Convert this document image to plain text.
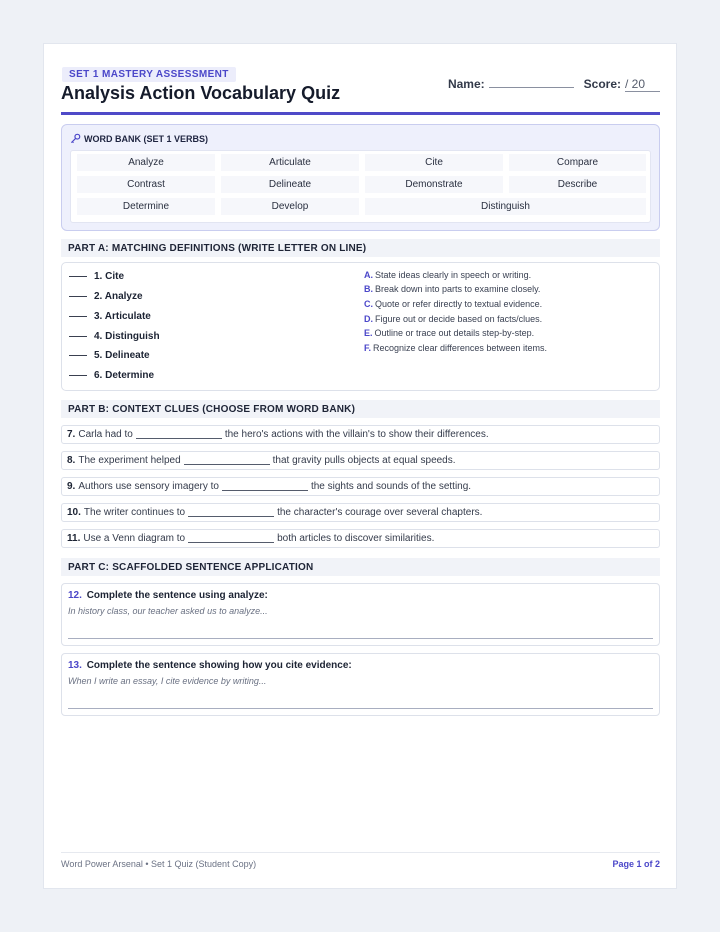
SET 1 MASTERY ASSESSMENT
Analysis Action Vocabulary Quiz	Name:	Score: / 20
WORD BANK (SET 1 VERBS)
Analyze	Articulate	Cite	Compare
Contrast	Delineate	Demonstrate	Describe
Determine	Develop	Distinguish
PART A: MATCHING DEFINITIONS (WRITE LETTER ON LINE)
1. Cite
2. Analyze
3. Articulate
4. Distinguish
5. Delineate
6. Determine
A. State ideas clearly in speech or writing.
B. Break down into parts to examine closely.
C. Quote or refer directly to textual evidence.
D. Figure out or decide based on facts/clues.
E. Outline or trace out details step-by-step.
F. Recognize clear differences between items.
PART B: CONTEXT CLUES (CHOOSE FROM WORD BANK)
7. Carla had to	the hero's actions with the villain's to show their differences.
8. The experiment helped	that gravity pulls objects at equal speeds.
9. Authors use sensory imagery to	the sights and sounds of the setting.
10. The writer continues to	the character's courage over several chapters.
11. Use a Venn diagram to	both articles to discover similarities.
PART C: SCAFFOLDED SENTENCE APPLICATION
12. Complete the sentence using analyze:
In history class, our teacher asked us to analyze...
13. Complete the sentence showing how you cite evidence:
When I write an essay, I cite evidence by writing...
Word Power Arsenal • Set 1 Quiz (Student Copy)	Page 1 of 2
